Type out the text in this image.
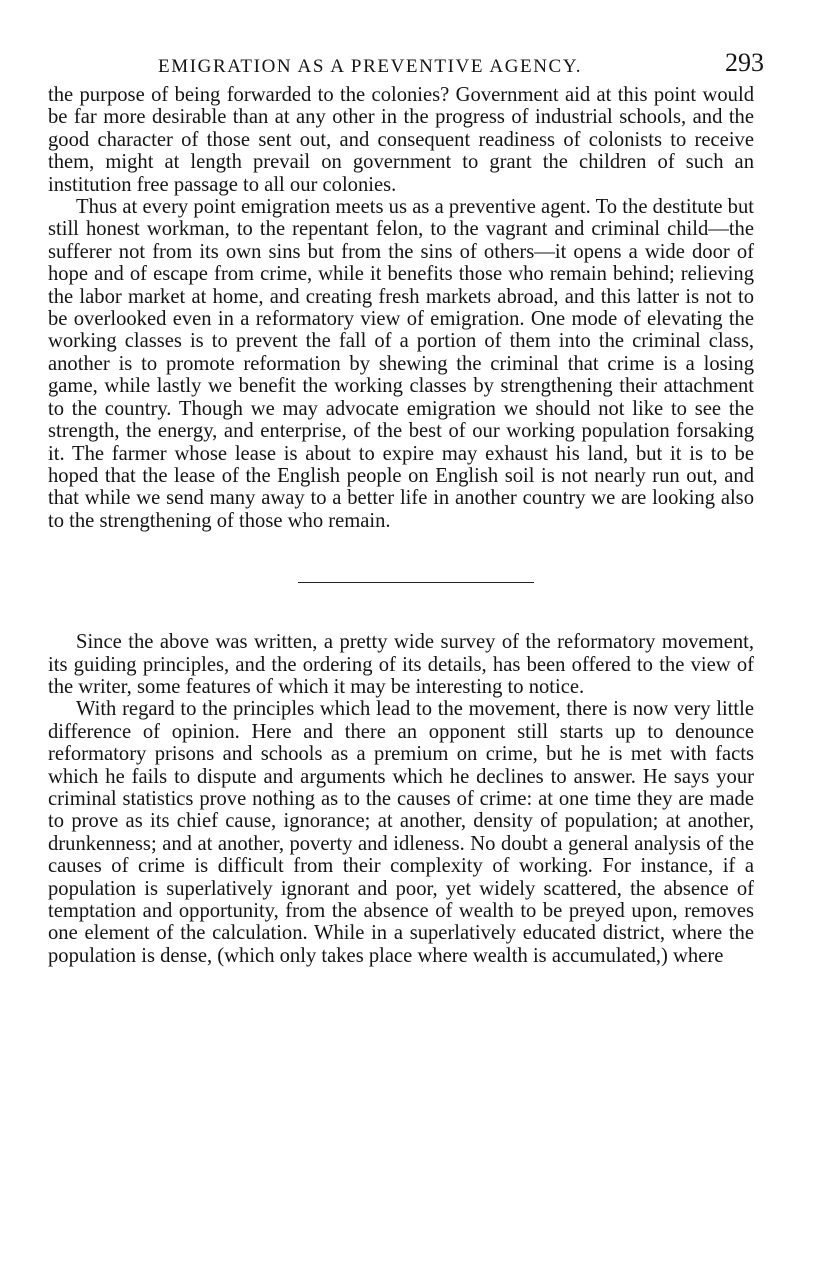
EMIGRATION AS A PREVENTIVE AGENCY.	293

the purpose of being forwarded to the colonies? Government aid at this point would be far more desirable than at any other in the progress of industrial schools, and the good character of those sent out, and consequent readiness of colonists to receive them, might at length prevail on government to grant the children of such an institution free passage to all our colonies.

Thus at every point emigration meets us as a preventive agent. To the destitute but still honest workman, to the repentant felon, to the vagrant and criminal child—the sufferer not from its own sins but from the sins of others—it opens a wide door of hope and of escape from crime, while it benefits those who remain behind; relieving the labor market at home, and creating fresh markets abroad, and this latter is not to be overlooked even in a reformatory view of emigration. One mode of elevating the working classes is to prevent the fall of a portion of them into the criminal class, another is to promote reformation by shewing the criminal that crime is a losing game, while lastly we benefit the working classes by strengthening their attachment to the country. Though we may advocate emigration we should not like to see the strength, the energy, and enterprise, of the best of our working population forsaking it. The farmer whose lease is about to expire may exhaust his land, but it is to be hoped that the lease of the English people on English soil is not nearly run out, and that while we send many away to a better life in another country we are looking also to the strengthening of those who remain.

Since the above was written, a pretty wide survey of the reformatory movement, its guiding principles, and the ordering of its details, has been offered to the view of the writer, some features of which it may be interesting to notice.

With regard to the principles which lead to the movement, there is now very little difference of opinion. Here and there an opponent still starts up to denounce reformatory prisons and schools as a premium on crime, but he is met with facts which he fails to dispute and arguments which he declines to answer. He says your criminal statistics prove nothing as to the causes of crime: at one time they are made to prove as its chief cause, ignorance; at another, density of population; at another, drunkenness; and at another, poverty and idleness. No doubt a general analysis of the causes of crime is difficult from their complexity of working. For instance, if a population is superlatively ignorant and poor, yet widely scattered, the absence of temptation and opportunity, from the absence of wealth to be preyed upon, removes one element of the calculation. While in a superlatively educated district, where the population is dense, (which only takes place where wealth is accumulated,) where
